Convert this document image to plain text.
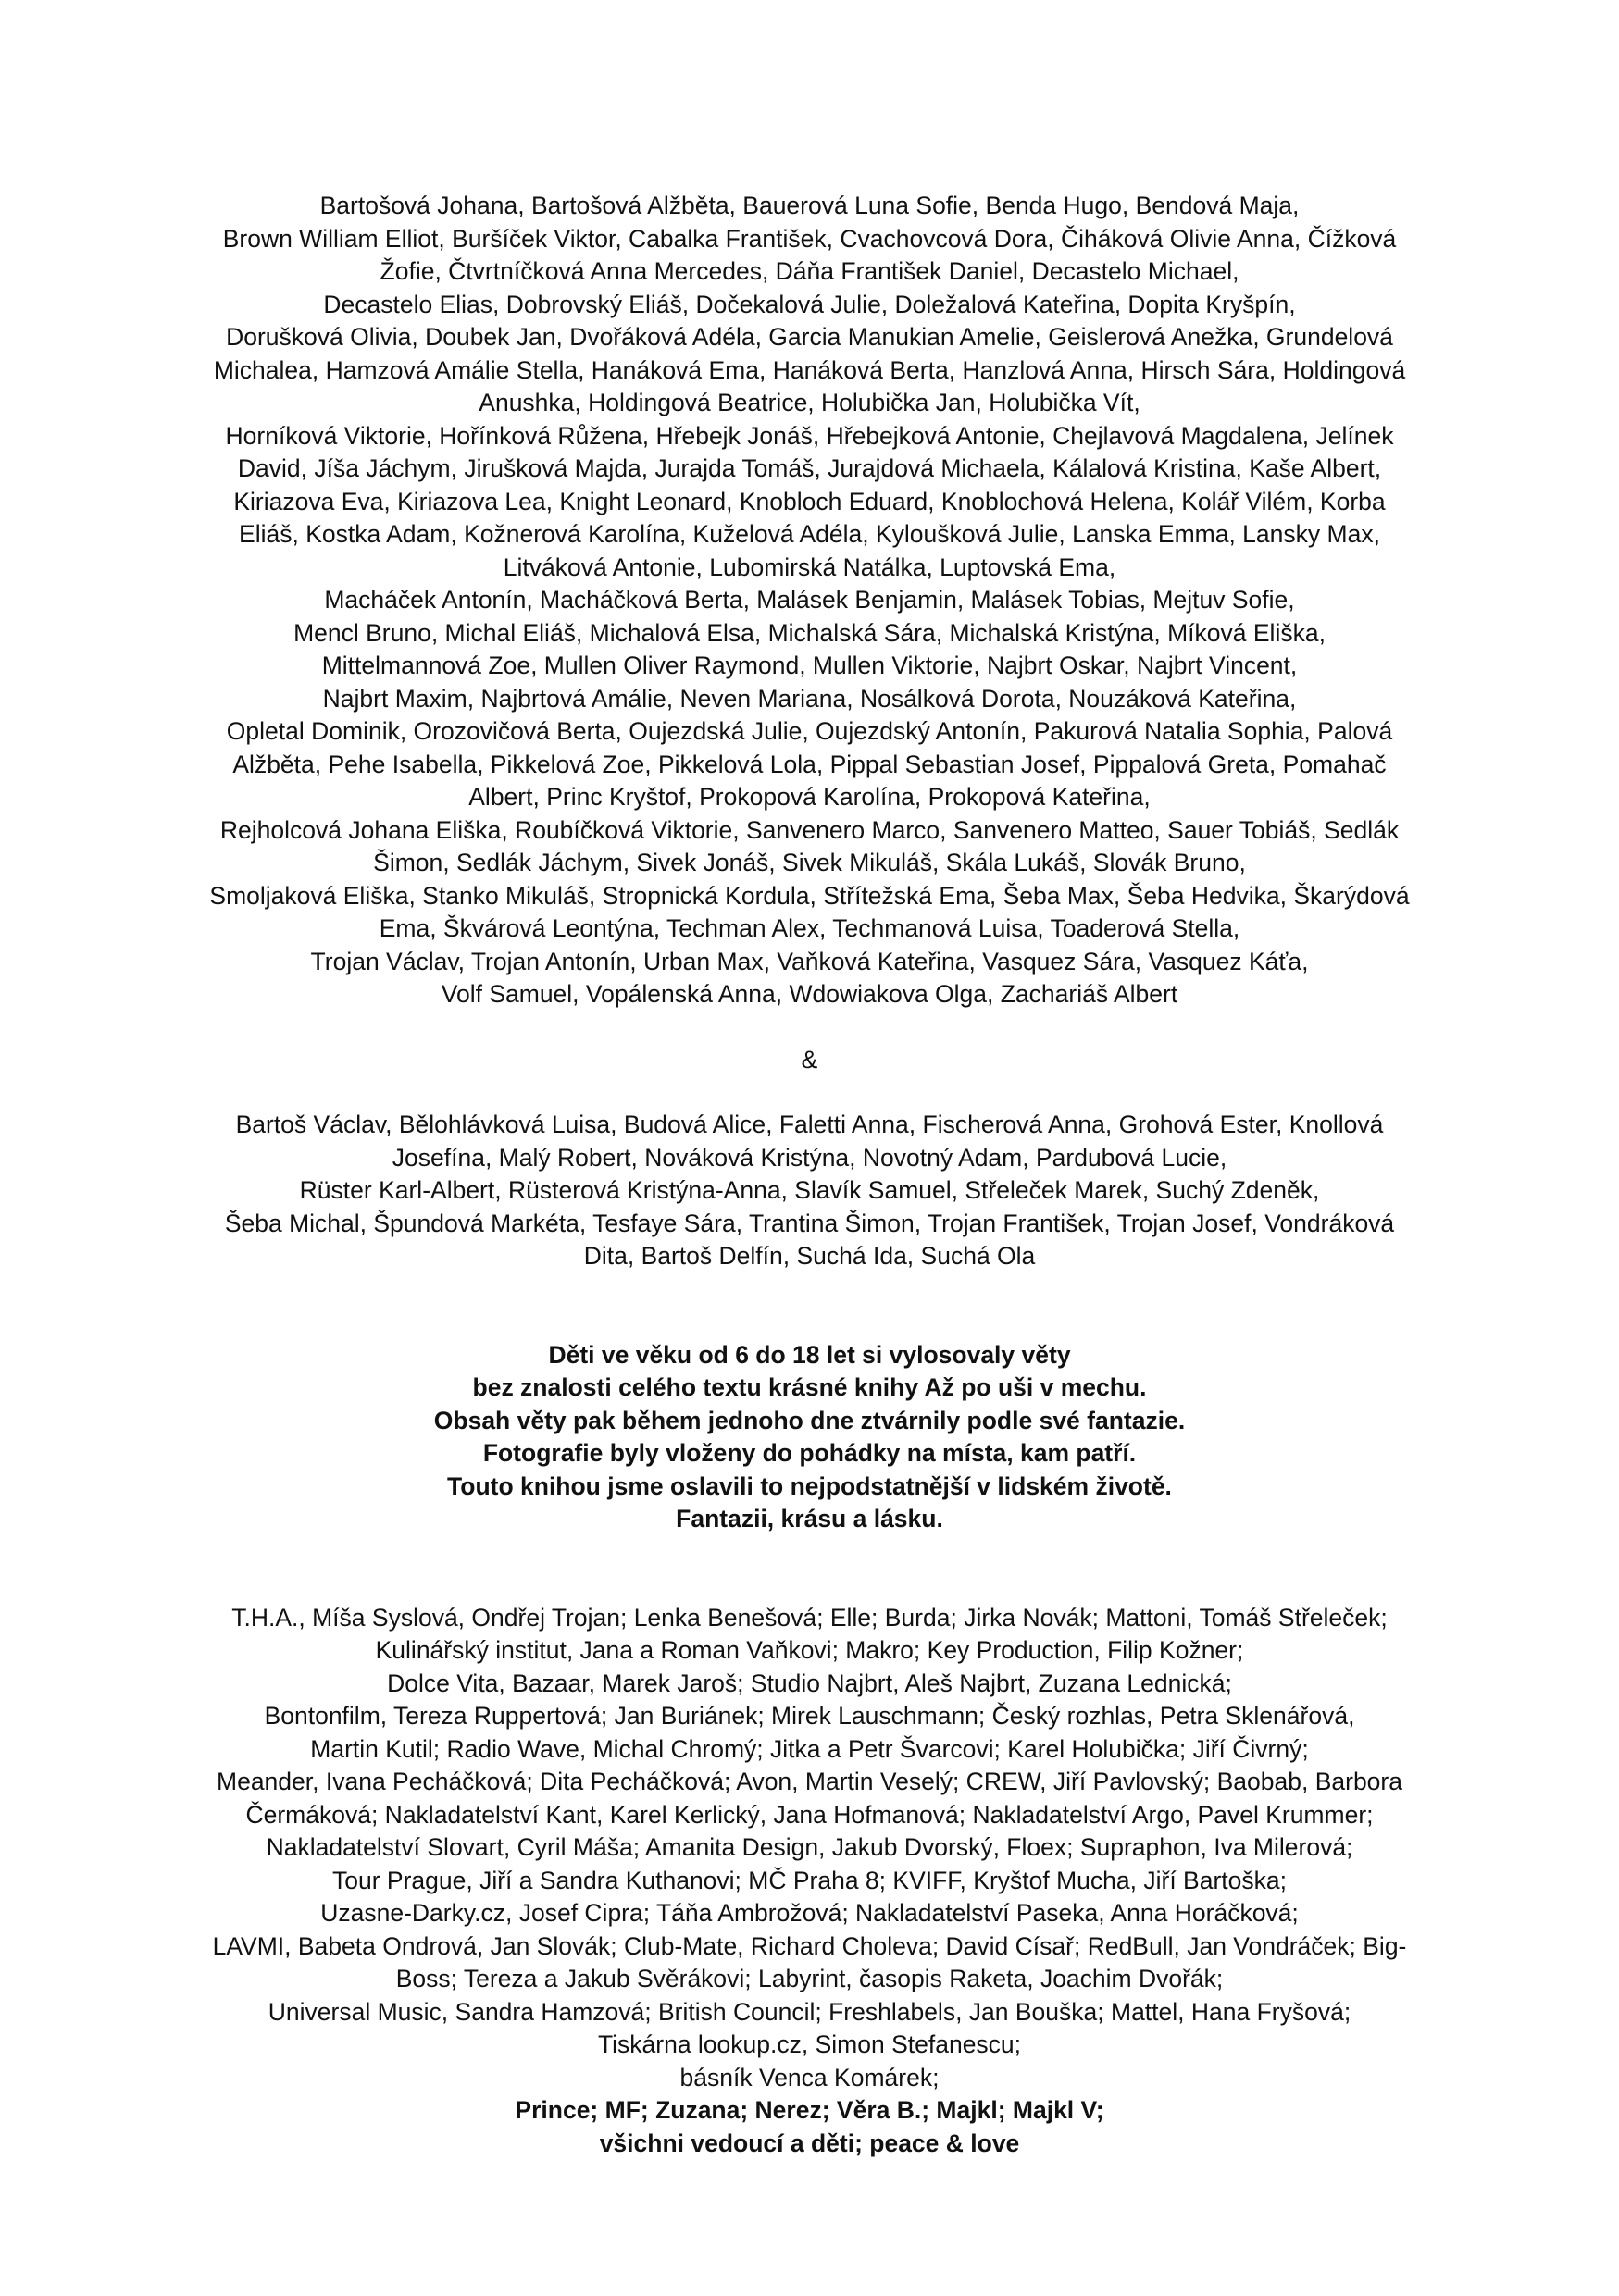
Bartošová Johana, Bartošová Alžběta, Bauerová Luna Sofie, Benda Hugo, Bendová Maja,
Brown William Elliot, Buršíček Viktor, Cabalka František, Cvachovcová Dora, Čiháková Olivie Anna, Čížková
Žofie, Čtvrtníčková Anna Mercedes, Dáňa František Daniel, Decastelo Michael,
Decastelo Elias, Dobrovský Eliáš, Dočekalová Julie, Doležalová Kateřina, Dopita Kryšpín,
Dorušková Olivia, Doubek Jan, Dvořáková Adéla, Garcia Manukian Amelie, Geislerová Anežka, Grundelová
Michalea, Hamzová Amálie Stella, Hanáková Ema, Hanáková Berta, Hanzlová Anna, Hirsch Sára, Holdingová
Anushka, Holdingová Beatrice, Holubička Jan, Holubička Vít,
Horníková Viktorie, Hořínková Růžena, Hřebejk Jonáš, Hřebejková Antonie, Chejlavová Magdalena, Jelínek
David, Jíša Jáchym, Jirušková Majda, Jurajda Tomáš, Jurajdová Michaela, Kálalová Kristina, Kaše Albert,
Kiriazova Eva, Kiriazova Lea, Knight Leonard, Knobloch Eduard, Knoblochová Helena, Kolář Vilém, Korba
Eliáš, Kostka Adam, Kožnerová Karolína, Kuželová Adéla, Kyloušková Julie, Lanska Emma, Lansky Max,
Litváková Antonie, Lubomirská Natálka, Luptovská Ema,
Macháček Antonín, Macháčková Berta, Malásek Benjamin, Malásek Tobias, Mejtuv Sofie,
Mencl Bruno, Michal Eliáš, Michalová Elsa, Michalská Sára, Michalská Kristýna, Míková Eliška,
Mittelmannová Zoe, Mullen Oliver Raymond, Mullen Viktorie, Najbrt Oskar, Najbrt Vincent,
Najbrt Maxim, Najbrtová Amálie, Neven Mariana, Nosálková Dorota, Nouzáková Kateřina,
Opletal Dominik, Orozovičová Berta, Oujezdská Julie, Oujezdský Antonín, Pakurová Natalia Sophia, Palová
Alžběta, Pehe Isabella, Pikkelová Zoe, Pikkelová Lola, Pippal Sebastian Josef, Pippalová Greta, Pomahač
Albert, Princ Kryštof, Prokopová Karolína, Prokopová Kateřina,
Rejholcová Johana Eliška, Roubíčková Viktorie, Sanvenero Marco, Sanvenero Matteo, Sauer Tobiáš, Sedlák
Šimon, Sedlák Jáchym, Sivek Jonáš, Sivek Mikuláš, Skála Lukáš, Slovák Bruno,
Smoljaková Eliška, Stanko Mikuláš, Stropnická Kordula, Střítežská Ema, Šeba Max, Šeba Hedvika, Škarýdová
Ema, Škvárová Leontýna, Techman Alex, Techmanová Luisa, Toaderová Stella,
Trojan Václav, Trojan Antonín, Urban Max, Vaňková Kateřina, Vasquez Sára, Vasquez Káťa,
Volf Samuel, Vopálenská Anna, Wdowiakova Olga, Zachariáš Albert

&

Bartoš Václav, Bělohlávková Luisa, Budová Alice, Faletti Anna, Fischerová Anna, Grohová Ester, Knollová
Josefína, Malý Robert, Nováková Kristýna, Novotný Adam, Pardubová Lucie,
Rüster Karl-Albert, Rüsterová Kristýna-Anna, Slavík Samuel, Střeleček Marek, Suchý Zdeněk,
Šeba Michal, Špundová Markéta, Tesfaye Sára, Trantina Šimon, Trojan František, Trojan Josef, Vondráková
Dita, Bartoš Delfín, Suchá Ida, Suchá Ola

Děti ve věku od 6 do 18 let si vylosovaly věty
bez znalosti celého textu krásné knihy Až po uši v mechu.
Obsah věty pak během jednoho dne ztvárnily podle své fantazie.
Fotografie byly vloženy do pohádky na místa, kam patří.
Touto knihou jsme oslavili to nejpodstatnější v lidském životě.
Fantazii, krásu a lásku.

T.H.A., Míša Syslová, Ondřej Trojan; Lenka Benešová; Elle; Burda; Jirka Novák; Mattoni, Tomáš Střeleček;
Kulinářský institut, Jana a Roman Vaňkovi; Makro; Key Production, Filip Kožner;
Dolce Vita, Bazaar, Marek Jaroš; Studio Najbrt, Aleš Najbrt, Zuzana Lednická;
Bontonfilm, Tereza Ruppertová; Jan Buriánek; Mirek Lauschmann; Český rozhlas, Petra Sklenářová,
Martin Kutil; Radio Wave, Michal Chromý; Jitka a Petr Švarcovi; Karel Holubička; Jiří Čivrný;
Meander, Ivana Pecháčková; Dita Pecháčková; Avon, Martin Veselý; CREW, Jiří Pavlovský; Baobab, Barbora
Čermáková; Nakladatelství Kant, Karel Kerlický, Jana Hofmanová; Nakladatelství Argo, Pavel Krummer;
Nakladatelství Slovart, Cyril Máša; Amanita Design, Jakub Dvorský, Floex; Supraphon, Iva Milerová;
Tour Prague, Jiří a Sandra Kuthanovi; MČ Praha 8; KVIFF, Kryštof Mucha, Jiří Bartoška;
Uzasne-Darky.cz, Josef Cipra; Táňa Ambrožová; Nakladatelství Paseka, Anna Horáčková;
LAVMI, Babeta Ondrová, Jan Slovák; Club-Mate, Richard Choleva; David Císař; RedBull, Jan Vondráček; Big-
Boss; Tereza a Jakub Svěrákovi; Labyrint, časopis Raketa, Joachim Dvořák;
Universal Music, Sandra Hamzová; British Council; Freshlabels, Jan Bouška; Mattel, Hana Fryšová;
Tiskárna lookup.cz, Simon Stefanescu;
básník Venca Komárek;

Prince; MF; Zuzana; Nerez; Věra B.; Majkl; Majkl V;
všichni vedoucí a děti; peace & love
